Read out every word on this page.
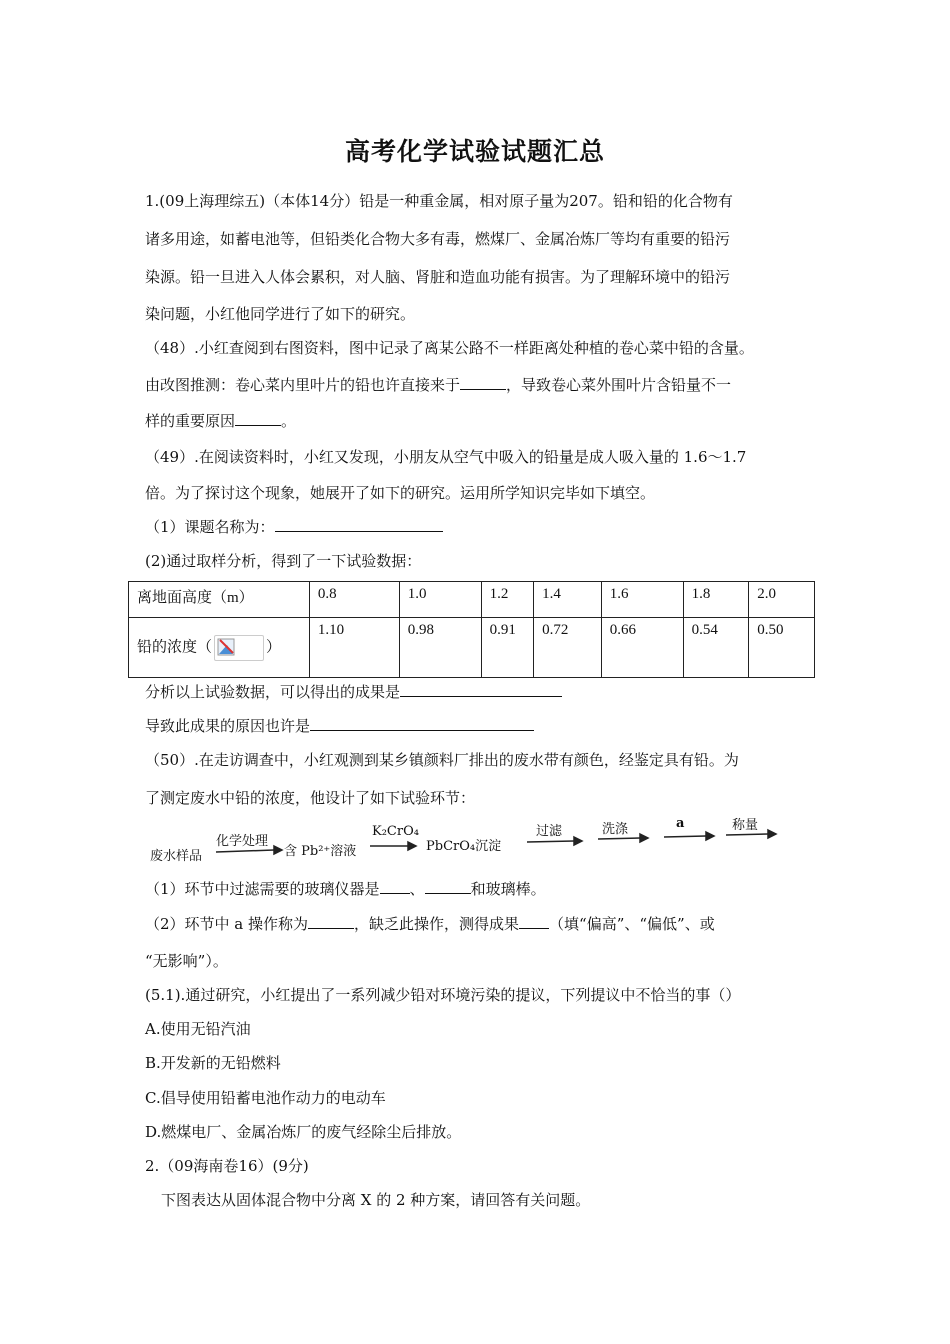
高考化学试验试题汇总
1.(09上海理综五)（本体14分）铅是一种重金属，相对原子量为207。铅和铅的化合物有
诸多用途，如蓄电池等，但铅类化合物大多有毒，燃煤厂、金属冶炼厂等均有重要的铅污
染源。铅一旦进入人体会累积，对人脑、肾脏和造血功能有损害。为了理解环境中的铅污
染问题，小红他同学进行了如下的研究。
（48）.小红查阅到右图资料，图中记录了离某公路不一样距离处种植的卷心菜中铅的含量。
由改图推测：卷心菜内里叶片的铅也许直接来于	，导致卷心菜外围叶片含铅量不一
样的重要原因	。
（49）.在阅读资料时，小红又发现，小朋友从空气中吸入的铅量是成人吸入量的 1.6～1.7
倍。为了探讨这个现象，她展开了如下的研究。运用所学知识完毕如下填空。
（1）课题名称为：
(2)通过取样分析，得到了一下试验数据：
离地面高度（m）	0.8	1.0	1.2	1.4	1.6	1.8	2.0
铅的浓度（ ）	1.10	0.98	0.91	0.72	0.66	0.54	0.50
分析以上试验数据，可以得出的成果是
导致此成果的原因也许是
（50）.在走访调查中，小红观测到某乡镇颜料厂排出的废水带有颜色，经鉴定具有铅。为
了测定废水中铅的浓度，他设计了如下试验环节：
废水样品
化学处理
含 Pb²⁺溶液
K₂CrO₄
PbCrO₄沉淀
过滤	洗涤	a	称量
（1）环节中过滤需要的玻璃仪器是 、	和玻璃棒。
（2）环节中 a 操作称为	，缺乏此操作，测得成果 （填“偏高”、“偏低”、或
“无影响”）。
(5.1).通过研究，小红提出了一系列减少铅对环境污染的提议，下列提议中不恰当的事（）
A.使用无铅汽油
B.开发新的无铅燃料
C.倡导使用铅蓄电池作动力的电动车
D.燃煤电厂、金属冶炼厂的废气经除尘后排放。
2.（09海南卷16）(9分)
下图表达从固体混合物中分离 X 的 2 种方案，请回答有关问题。
